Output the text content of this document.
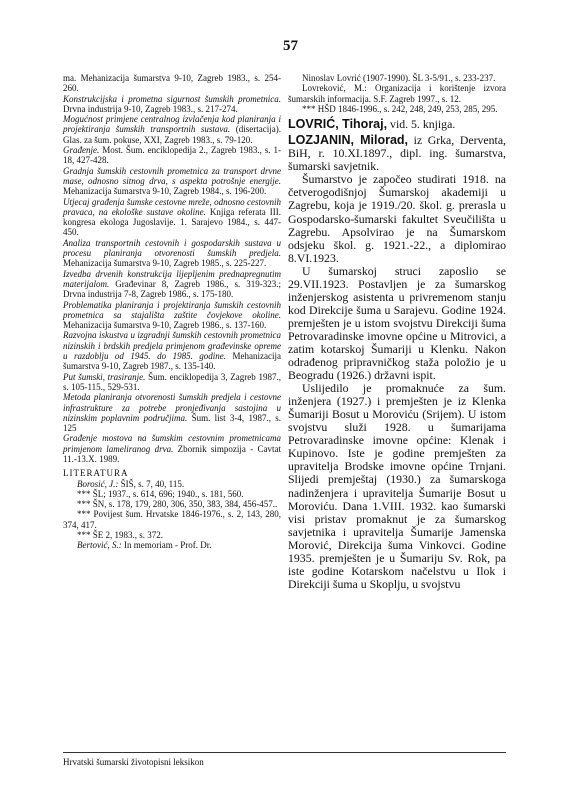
57

ma. Mehanizacija šumarstva 9-10, Zagreb 1983., s. 254-260.

Konstrukcijska i prometna sigurnost šumskih prometnica. Drvna industrija 9-10, Zagreb 1983., s. 217-274.

Mogućnost primjene centralnog izvlačenja kod planiranja i projektiranja šumskih transportnih sustava. (disertacija). Glas. za šum. pokuse, XXI, Zagreb 1983., s. 79-120.

Građenje. Most. Šum. enciklopedija 2., Zagreb 1983., s. 1-18, 427-428.

Gradnja šumskih cestovnih prometnica za transport drvne mase, odnosno sitnog drva, s aspekta potrošnje energije. Mehanizacija šumarstva 9-10, Zagreb 1984., s. 196-200.

Utjecaj građenja šumske cestovne mreže, odnosno cestovnih pravaca, na ekološke sustave okoline. Knjiga referata III. kongresa ekologa Jugoslavije. 1. Sarajevo 1984., s. 447-450.

Analiza transportnih cestovnih i gospodarskih sustava u procesu planiranja otvorenosti šumskih predjela. Mehanizacija šumarstva 9-10, Zagreb 1985., s. 225-227.

Izvedba drvenih konstrukcija lijepljenim prednapregnutim materijalom. Građevinar 8, Zagreb 1986., s. 319-323.; Drvna industrija 7-8, Zagreb 1986., s. 175-180.

Problematika planiranja i projektiranja šumskih cestovnih prometnica sa stajališta zaštite čovjekove okoline. Mehanizacija šumarstva 9-10, Zagreb 1986., s. 137-160.

Razvojna iskustva u izgradnji šumskih cestovnih prometnica nizinskih i brdskih predjela primjenom građevinske opreme u razdoblju od 1945. do 1985. godine. Mehanizacija šumarstva 9-10, Zagreb 1987., s. 135-140.

Put šumski, trasiranje. Šum. enciklopedija 3, Zagreb 1987., s. 105-115., 529-531.

Metoda planiranja otvorenosti šumskih predjela i cestovne infrastrukture za potrebe pronjeđivanja sastojina u nizinskim poplavnim područjima. Šum. list 3-4, 1987., s. 125

Građenje mostova na šumskim cestovnim prometnicama primjenom lameliranog drva. Zbornik simpozija - Cavtat 11.-13.X. 1989.

LITERATURA

Borosić, J.: ŠIŠ, s. 7, 40, 115.

*** ŠL; 1937., s. 614, 696; 1940., s. 181, 560.

*** ŠN, s. 178, 179, 280, 306, 350, 383, 384, 456-457..

*** Povijest šum. Hrvatske 1846-1976., s. 2, 143, 280, 374, 417.

*** ŠE 2, 1983., s. 372.

Bertović, S.: In memoriam - Prof. Dr.

Ninoslav Lovrić (1907-1990). ŠL 3-5/91., s. 233-237.

Lovreković, M.: Organizacija i korištenje izvora šumarskih informacija. S.F. Zagreb 1997., s. 12.

*** HŠD 1846-1996., s. 242, 248, 249, 253, 285, 295.

LOVRIĆ, Tihoraj, vid. 5. knjiga.

LOZJANIN, Milorad, iz Grka, Derventa, BiH, r. 10.XI.1897., dipl. ing. šumarstva, šumarski savjetnik.

Šumarstvo je započeo studirati 1918. na četverogodišnjoj Šumarskoj akademiji u Zagrebu, koja je 1919./20. škol. g. prerasla u Gospodarsko-šumarski fakultet Sveučilišta u Zagrebu. Apsolvirao je na Šumarskom odsjeku škol. g. 1921.-22., a diplomirao 8.VI.1923.

U šumarskoj struci zaposlio se 29.VII.1923. Postavljen je za šumarskog inženjerskog asistenta u privremenom stanju kod Direkcije šuma u Sarajevu. Godine 1924. premješten je u istom svojstvu Direkciji šuma Petrovaradinske imovne općine u Mitrovici, a zatim kotarskoj Šumariji u Klenku. Nakon odrađenog pripravničkog staža položio je u Beogradu (1926.) državni ispit.

Uslijedilo je promaknuće za šum. inženjera (1927.) i premješten je iz Klenka Šumariji Bosut u Moroviću (Srijem). U istom svojstvu služi 1928. u šumarijama Petrovaradinske imovne općine: Klenak i Kupinovo. Iste je godine premješten za upravitelja Brodske imovne općine Trnjani. Slijedi premještaj (1930.) za šumarskoga nadinženjera i upravitelja Šumarije Bosut u Moroviću. Dana 1.VIII. 1932. kao šumarski visi pristav promaknut je za šumarskog savjetnika i upravitelja Šumarije Jamenska Morović, Direkcija šuma Vinkovci. Godine 1935. premješten je u Šumariju Sv. Rok, pa iste godine Kotarskom načelstvu u Ilok i Direkciji šuma u Skoplju, u svojstvu

Hrvatski šumarski životopisni leksikon
